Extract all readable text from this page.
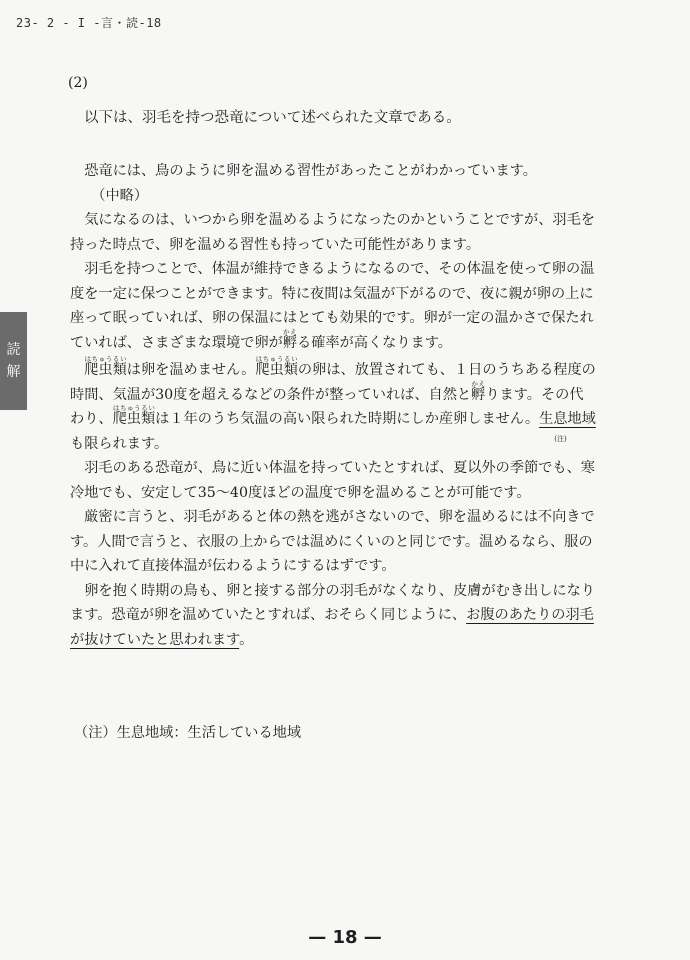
23- 2 - I -言・読-18
読
解
(2)
以下は、羽毛を持つ恐竜について述べられた文章である。

恐竜には、鳥のように卵を温める習性があったことがわかっています。

（中略）

気になるのは、いつから卵を温めるようになったのかということですが、羽毛を持った時点で、卵を温める習性も持っていた可能性があります。

羽毛を持つことで、体温が維持できるようになるので、その体温を使って卵の温度を一定に保つことができます。特に夜間は気温が下がるので、夜に親が卵の上に座って眠っていれば、卵の保温にはとても効果的です。卵が一定の温かさで保たれていれば、さまざまな環境で卵が孵かえる確率が高くなります。

爬虫類はちゅうるいは卵を温めません。爬虫類はちゅうるいの卵は、放置されても、１日のうちある程度の時間、気温が30度を超えるなどの条件が整っていれば、自然と孵かえります。その代わり、爬虫類はちゅうるいは１年のうち気温の高い限られた時期にしか産卵しません。生息地域
(注)
も限られます。

羽毛のある恐竜が、鳥に近い体温を持っていたとすれば、夏以外の季節でも、寒冷地でも、安定して35〜40度ほどの温度で卵を温めることが可能です。

厳密に言うと、羽毛があると体の熱を逃がさないので、卵を温めるには不向きです。人間で言うと、衣服の上からでは温めにくいのと同じです。温めるなら、服の中に入れて直接体温が伝わるようにするはずです。

卵を抱く時期の鳥も、卵と接する部分の羽毛がなくなり、皮膚がむき出しになります。恐竜が卵を温めていたとすれば、おそらく同じように、お腹のあたりの羽毛が抜けていたと思われます。

（注）生息地域：生活している地域
— 18 —
